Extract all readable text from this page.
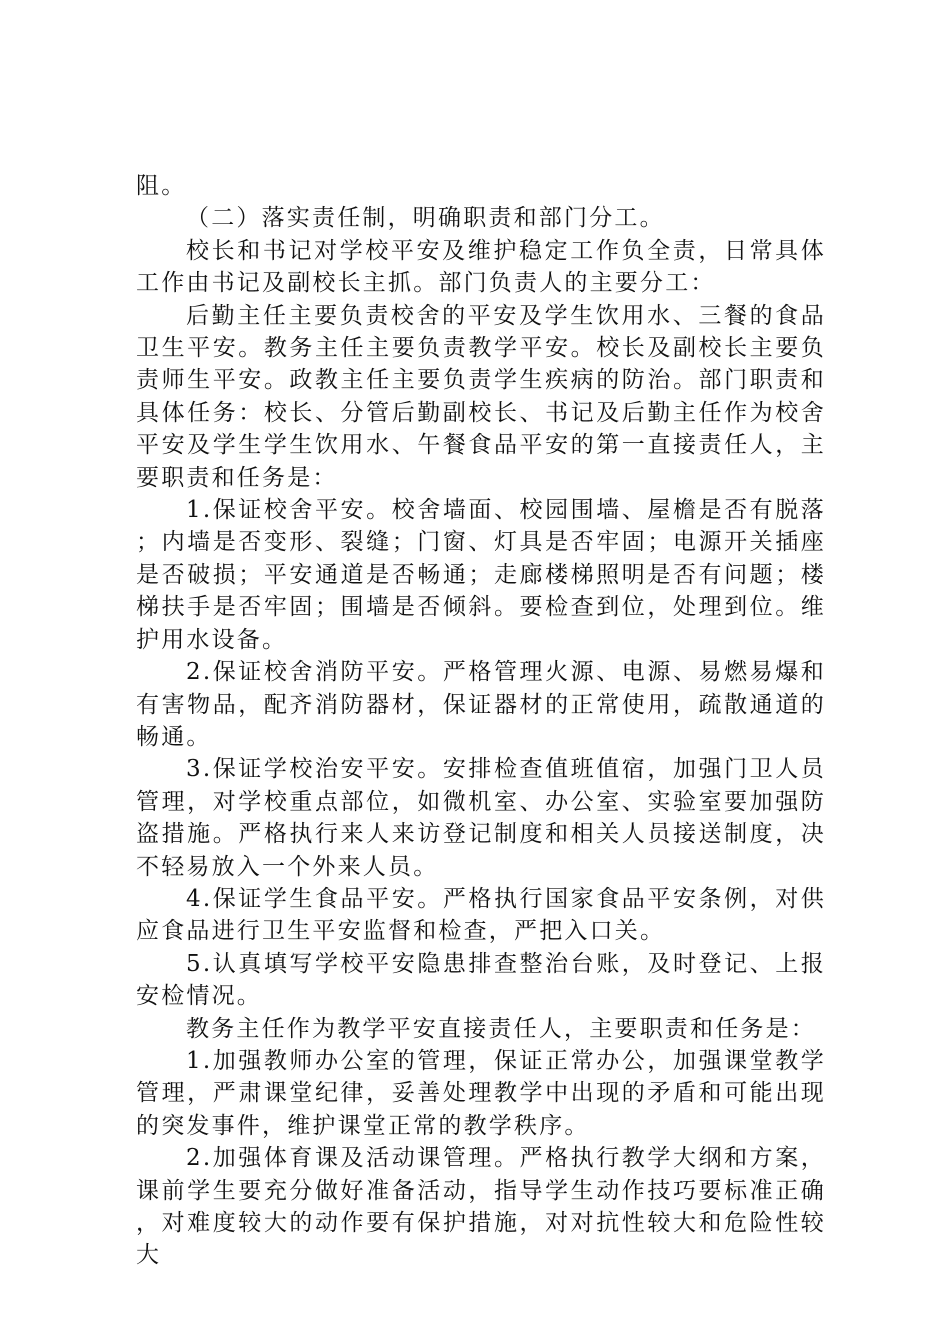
阻。

（二）落实责任制，明确职责和部门分工。

校长和书记对学校平安及维护稳定工作负全责，日常具体工作由书记及副校长主抓。部门负责人的主要分工：

后勤主任主要负责校舍的平安及学生饮用水、三餐的食品卫生平安。教务主任主要负责教学平安。校长及副校长主要负责师生平安。政教主任主要负责学生疾病的防治。部门职责和具体任务：校长、分管后勤副校长、书记及后勤主任作为校舍平安及学生学生饮用水、午餐食品平安的第一直接责任人，主要职责和任务是：

1.保证校舍平安。校舍墙面、校园围墙、屋檐是否有脱落；内墙是否变形、裂缝；门窗、灯具是否牢固；电源开关插座是否破损；平安通道是否畅通；走廊楼梯照明是否有问题；楼梯扶手是否牢固；围墙是否倾斜。要检查到位，处理到位。维护用水设备。

2.保证校舍消防平安。严格管理火源、电源、易燃易爆和有害物品，配齐消防器材，保证器材的正常使用，疏散通道的畅通。

3.保证学校治安平安。安排检查值班值宿，加强门卫人员管理，对学校重点部位，如微机室、办公室、实验室要加强防盗措施。严格执行来人来访登记制度和相关人员接送制度，决不轻易放入一个外来人员。

4.保证学生食品平安。严格执行国家食品平安条例，对供应食品进行卫生平安监督和检查，严把入口关。

5.认真填写学校平安隐患排查整治台账，及时登记、上报安检情况。

教务主任作为教学平安直接责任人，主要职责和任务是：

1.加强教师办公室的管理，保证正常办公，加强课堂教学管理，严肃课堂纪律，妥善处理教学中出现的矛盾和可能出现的突发事件，维护课堂正常的教学秩序。

2.加强体育课及活动课管理。严格执行教学大纲和方案，课前学生要充分做好准备活动，指导学生动作技巧要标准正确，对难度较大的动作要有保护措施，对对抗性较大和危险性较大
